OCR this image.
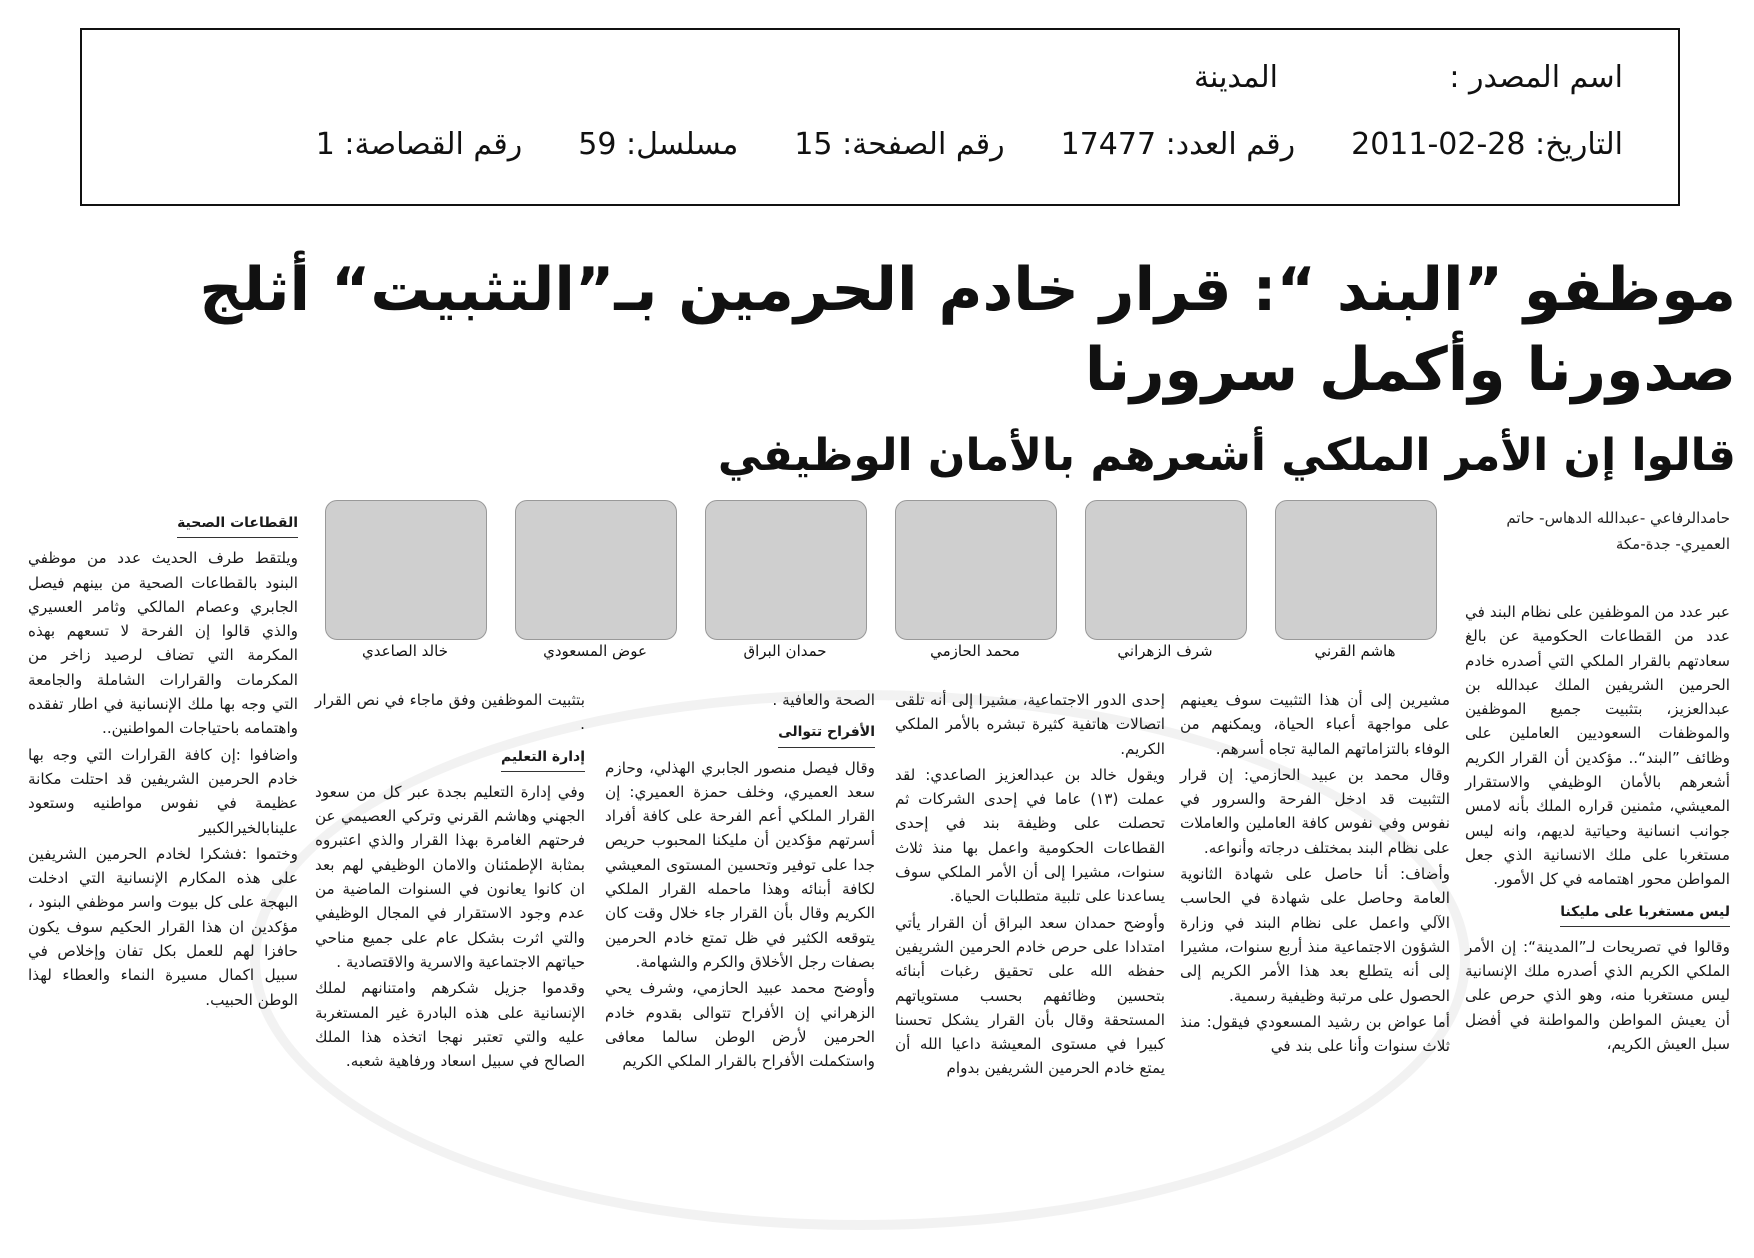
اسم المصدر :
المدينة
التاريخ:

2011-02-28
رقم العدد:

17477
رقم الصفحة:

15
مسلسل:

59
رقم القصاصة:

1
موظفو ”البند “: قرار خادم الحرمين بـ”التثبيت“ أثلج صدورنا وأكمل سرورنا
قالوا إن الأمر الملكي أشعرهم بالأمان الوظيفي
حامدالرفاعي -عبدالله الدهاس- حاتم العميري- جدة-مكة
هاشم القرني
شرف الزهراني
محمد الحازمي
حمدان البراق
عوض المسعودي
خالد الصاعدي

عبر عدد من الموظفين على نظام البند في عدد من القطاعات الحكومية عن بالغ سعادتهم بالقرار الملكي التي أصدره خادم الحرمين الشريفين الملك عبدالله بن عبدالعزيز، بتثبيت جميع الموظفين والموظفات السعوديين العاملين على وظائف ”البند“.. مؤكدين أن القرار الكريم أشعرهم بالأمان الوظيفي والاستقرار المعيشي، مثمنين قراره الملك بأنه لامس جوانب انسانية وحياتية لديهم، وانه ليس مستغربا على ملك الانسانية الذي جعل المواطن محور اهتمامه في كل الأمور.

ليس مستغربا على مليكنا

وقالوا في تصريحات لـ”المدينة“: إن الأمر الملكي الكريم الذي أصدره ملك الإنسانية ليس مستغربا منه، وهو الذي حرص على أن يعيش المواطن والمواطنة في أفضل سبل العيش الكريم،

مشيرين إلى أن هذا التثبيت سوف يعينهم على مواجهة أعباء الحياة، ويمكنهم من الوفاء بالتزاماتهم المالية تجاه أسرهم.

وقال محمد بن عبيد الحازمي: إن قرار التثبيت قد ادخل الفرحة والسرور في نفوس وفي نفوس كافة العاملين والعاملات على نظام البند بمختلف درجاته وأنواعه.

وأضاف: أنا حاصل على شهادة الثانوية العامة وحاصل على شهادة في الحاسب الآلي واعمل على نظام البند في وزارة الشؤون الاجتماعية منذ أربع سنوات، مشيرا إلى أنه يتطلع بعد هذا الأمر الكريم إلى الحصول على مرتبة وظيفية رسمية.

أما عواض بن رشيد المسعودي فيقول: منذ ثلاث سنوات وأنا على بند في

إحدى الدور الاجتماعية، مشيرا إلى أنه تلقى اتصالات هاتفية كثيرة تبشره بالأمر الملكي الكريم.

ويقول خالد بن عبدالعزيز الصاعدي: لقد عملت (١٣) عاما في إحدى الشركات ثم تحصلت على وظيفة بند في إحدى القطاعات الحكومية واعمل بها منذ ثلاث سنوات، مشيرا إلى أن الأمر الملكي سوف يساعدنا على تلبية متطلبات الحياة.

وأوضح حمدان سعد البراق أن القرار يأتي امتدادا على حرص خادم الحرمين الشريفين حفظه الله على تحقيق رغبات أبنائه بتحسين وظائفهم بحسب مستوياتهم المستحقة وقال بأن القرار يشكل تحسنا كبيرا في مستوى المعيشة داعيا الله أن يمتع خادم الحرمين الشريفين بدوام

الصحة والعافية .

الأفراح تتوالى

وقال فيصل منصور الجابري الهذلي، وحازم سعد العميري، وخلف حمزة العميري: إن القرار الملكي أعم الفرحة على كافة أفراد أسرتهم مؤكدين أن مليكنا المحبوب حريص جدا على توفير وتحسين المستوى المعيشي لكافة أبنائه وهذا ماحمله القرار الملكي الكريم وقال بأن القرار جاء خلال وقت كان يتوقعه الكثير في ظل تمتع خادم الحرمين بصفات رجل الأخلاق والكرم والشهامة.

وأوضح محمد عبيد الحازمي، وشرف يحي الزهراني إن الأفراح تتوالى بقدوم خادم الحرمين لأرض الوطن سالما معافى واستكملت الأفراح بالقرار الملكي الكريم

بتثبيت الموظفين وفق ماجاء في نص القرار .

إدارة التعليم

وفي إدارة التعليم بجدة عبر كل من سعود الجهني وهاشم القرني وتركي العصيمي عن فرحتهم الغامرة بهذا القرار والذي اعتبروه بمثابة الإطمئنان والامان الوظيفي لهم بعد ان كانوا يعانون في السنوات الماضية من عدم وجود الاستقرار في المجال الوظيفي والتي اثرت بشكل عام على جميع مناحي حياتهم الاجتماعية والاسرية والاقتصادية .

وقدموا جزيل شكرهم وامتنانهم لملك الإنسانية على هذه البادرة غير المستغربة عليه والتي تعتبر نهجا اتخذه هذا الملك الصالح في سبيل اسعاد ورفاهية شعبه.

القطاعات الصحية

ويلتقط طرف الحديث عدد من موظفي البنود بالقطاعات الصحية من بينهم فيصل الجابري وعصام المالكي وثامر العسيري والذي قالوا إن الفرحة لا تسعهم بهذه المكرمة التي تضاف لرصيد زاخر من المكرمات والقرارات الشاملة والجامعة التي وجه بها ملك الإنسانية في اطار تفقده واهتمامه باحتياجات المواطنين..

واضافوا :إن كافة القرارات التي وجه بها خادم الحرمين الشريفين قد احتلت مكانة عظيمة في نفوس مواطنيه وستعود علينابالخيرالكبير

وختموا :فشكرا لخادم الحرمين الشريفين على هذه المكارم الإنسانية التي ادخلت البهجة على كل بيوت واسر موظفي البنود ، مؤكدين ان هذا القرار الحكيم سوف يكون حافزا لهم للعمل بكل تفان وإخلاص في سبيل اكمال مسيرة النماء والعطاء لهذا الوطن الحبيب.
